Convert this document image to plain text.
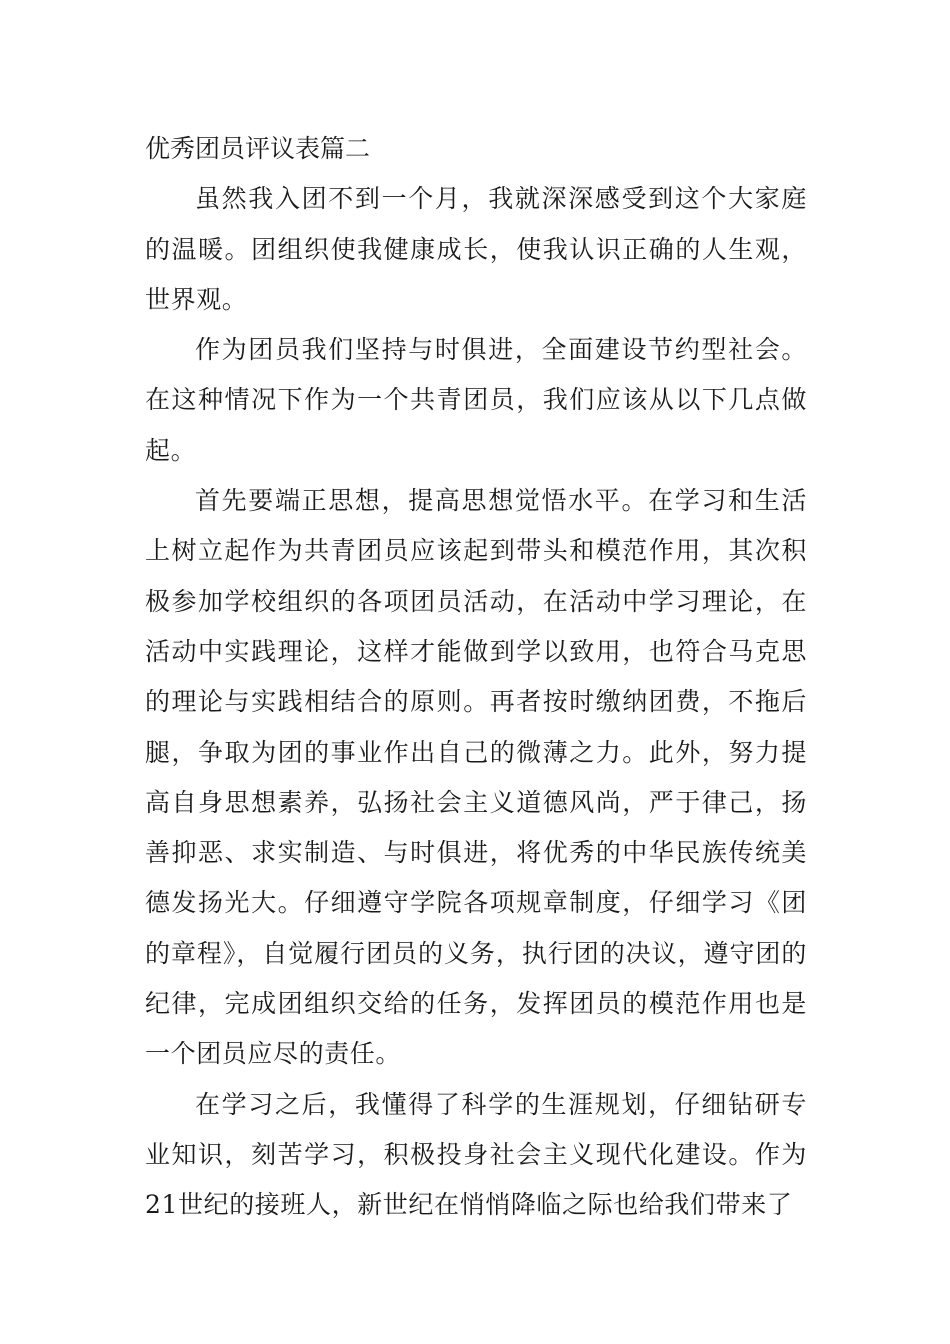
优秀团员评议表篇二

虽然我入团不到一个月，我就深深感受到这个大家庭的温暖。团组织使我健康成长，使我认识正确的人生观，世界观。

作为团员我们坚持与时俱进，全面建设节约型社会。在这种情况下作为一个共青团员，我们应该从以下几点做起。

首先要端正思想，提高思想觉悟水平。在学习和生活上树立起作为共青团员应该起到带头和模范作用，其次积极参加学校组织的各项团员活动，在活动中学习理论，在活动中实践理论，这样才能做到学以致用，也符合马克思的理论与实践相结合的原则。再者按时缴纳团费，不拖后腿，争取为团的事业作出自己的微薄之力。此外，努力提高自身思想素养，弘扬社会主义道德风尚，严于律己，扬善抑恶、求实制造、与时俱进，将优秀的中华民族传统美德发扬光大。仔细遵守学院各项规章制度，仔细学习《团的章程》，自觉履行团员的义务，执行团的决议，遵守团的纪律，完成团组织交给的任务，发挥团员的模范作用也是一个团员应尽的责任。

在学习之后，我懂得了科学的生涯规划，仔细钻研专业知识，刻苦学习，积极投身社会主义现代化建设。作为21世纪的接班人，新世纪在悄悄降临之际也给我们带来了
